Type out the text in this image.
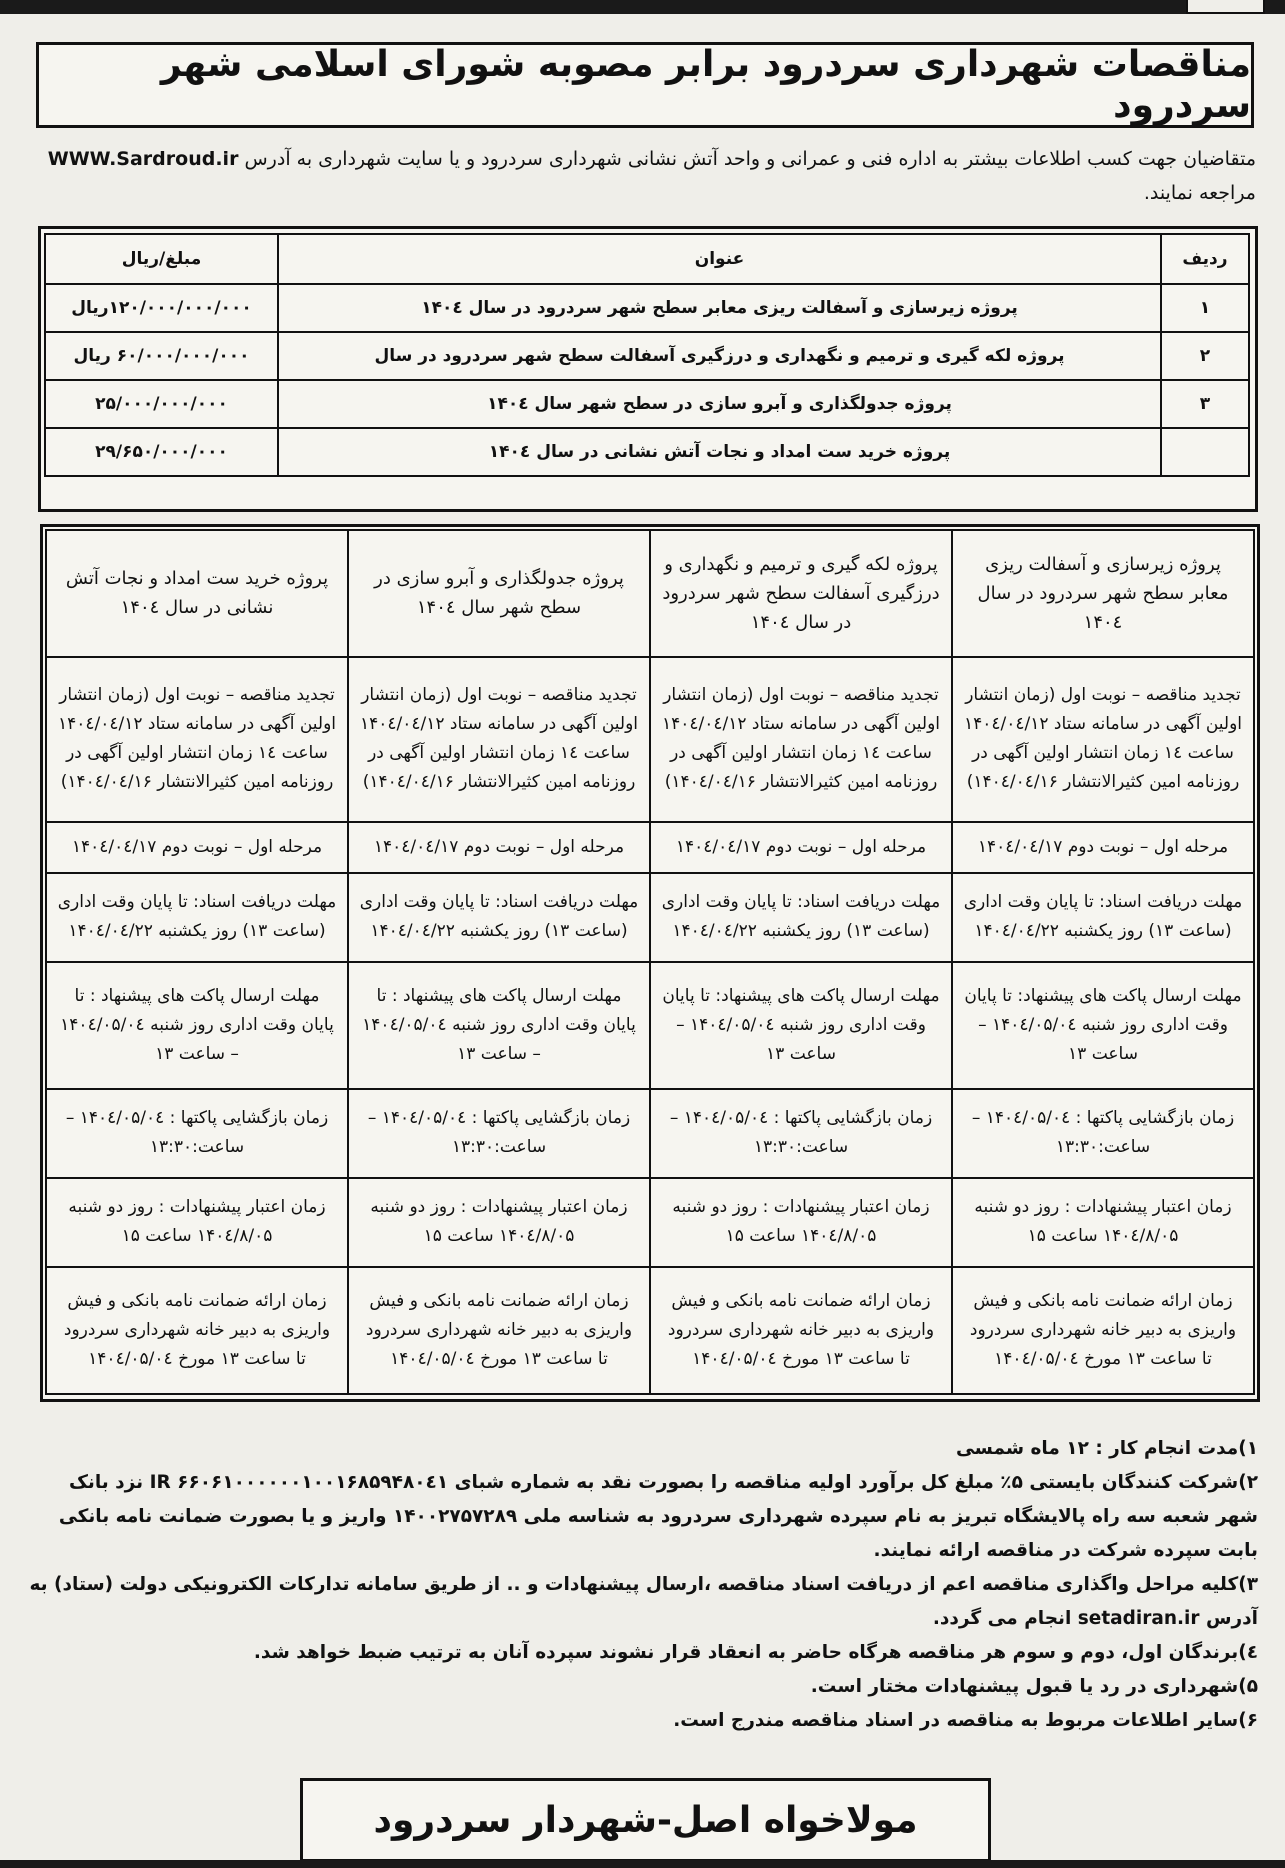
مناقصات شهرداری سردرود برابر مصوبه شورای اسلامی شهر سردرود
متقاضیان جهت کسب اطلاعات بیشتر به اداره فنی و عمرانی و واحد آتش نشانی شهرداری سردرود و یا سایت شهرداری به آدرس WWW.Sardroud.ir مراجعه نمایند.
ردیف	عنوان	مبلغ/ریال
۱	پروژه زیرسازی و آسفالت ریزی معابر سطح شهر سردرود در سال ۱۴۰٤	۱۲۰/۰۰۰/۰۰۰/۰۰۰ریال
۲	پروژه لکه گیری و ترمیم و نگهداری و درزگیری آسفالت سطح شهر سردرود در سال	۶۰/۰۰۰/۰۰۰/۰۰۰ ریال
۳	پروژه جدولگذاری و آبرو سازی در سطح شهر سال ۱۴۰٤	۲۵/۰۰۰/۰۰۰/۰۰۰
	پروژه خرید ست امداد و نجات آتش نشانی در سال ۱۴۰٤	۲۹/۶۵۰/۰۰۰/۰۰۰
پروژه زیرسازی و آسفالت ریزی معابر سطح شهر سردرود در سال ۱۴۰٤	پروژه لکه گیری و ترمیم و نگهداری و درزگیری آسفالت سطح شهر سردرود در سال ۱۴۰٤	پروژه جدولگذاری و آبرو سازی در سطح شهر سال ۱۴۰٤	پروژه خرید ست امداد و نجات آتش نشانی در سال ۱۴۰٤
تجدید مناقصه – نوبت اول (زمان انتشار اولین آگهی در سامانه ستاد ۱۴۰٤/۰٤/۱۲ ساعت ۱٤ زمان انتشار اولین آگهی در روزنامه امین کثیرالانتشار ۱۴۰٤/۰٤/۱۶)	تجدید مناقصه – نوبت اول (زمان انتشار اولین آگهی در سامانه ستاد ۱۴۰٤/۰٤/۱۲ ساعت ۱٤ زمان انتشار اولین آگهی در روزنامه امین کثیرالانتشار ۱۴۰٤/۰٤/۱۶)	تجدید مناقصه – نوبت اول (زمان انتشار اولین آگهی در سامانه ستاد ۱۴۰٤/۰٤/۱۲ ساعت ۱٤ زمان انتشار اولین آگهی در روزنامه امین کثیرالانتشار ۱۴۰٤/۰٤/۱۶)	تجدید مناقصه – نوبت اول (زمان انتشار اولین آگهی در سامانه ستاد ۱۴۰٤/۰٤/۱۲ ساعت ۱٤ زمان انتشار اولین آگهی در روزنامه امین کثیرالانتشار ۱۴۰٤/۰٤/۱۶)
مرحله اول – نوبت دوم ۱۴۰٤/۰٤/۱۷	مرحله اول – نوبت دوم ۱۴۰٤/۰٤/۱۷	مرحله اول – نوبت دوم ۱۴۰٤/۰٤/۱۷	مرحله اول – نوبت دوم ۱۴۰٤/۰٤/۱۷
مهلت دریافت اسناد: تا پایان وقت اداری (ساعت ۱۳) روز یکشنبه ۱۴۰٤/۰٤/۲۲	مهلت دریافت اسناد: تا پایان وقت اداری (ساعت ۱۳) روز یکشنبه ۱۴۰٤/۰٤/۲۲	مهلت دریافت اسناد: تا پایان وقت اداری (ساعت ۱۳) روز یکشنبه ۱۴۰٤/۰٤/۲۲	مهلت دریافت اسناد: تا پایان وقت اداری (ساعت ۱۳) روز یکشنبه ۱۴۰٤/۰٤/۲۲
مهلت ارسال پاکت های پیشنهاد: تا پایان وقت اداری روز شنبه ۱۴۰٤/۰۵/۰٤ – ساعت ۱۳	مهلت ارسال پاکت های پیشنهاد: تا پایان وقت اداری روز شنبه ۱۴۰٤/۰۵/۰٤ – ساعت ۱۳	مهلت ارسال پاکت های پیشنهاد : تا پایان وقت اداری روز شنبه ۱۴۰٤/۰۵/۰٤ – ساعت ۱۳	مهلت ارسال پاکت های پیشنهاد : تا پایان وقت اداری روز شنبه ۱۴۰٤/۰۵/۰٤ – ساعت ۱۳
زمان بازگشایی پاکتها : ۱۴۰٤/۰۵/۰٤ – ساعت:۱۳:۳۰	زمان بازگشایی پاکتها : ۱۴۰٤/۰۵/۰٤ – ساعت:۱۳:۳۰	زمان بازگشایی پاکتها : ۱۴۰٤/۰۵/۰٤ – ساعت:۱۳:۳۰	زمان بازگشایی پاکتها : ۱۴۰٤/۰۵/۰٤ – ساعت:۱۳:۳۰
زمان اعتبار پیشنهادات : روز دو شنبه ۱۴۰٤/۸/۰۵ ساعت ۱۵	زمان اعتبار پیشنهادات : روز دو شنبه ۱۴۰٤/۸/۰۵ ساعت ۱۵	زمان اعتبار پیشنهادات : روز دو شنبه ۱۴۰٤/۸/۰۵ ساعت ۱۵	زمان اعتبار پیشنهادات : روز دو شنبه ۱۴۰٤/۸/۰۵ ساعت ۱۵
زمان ارائه ضمانت نامه بانکی و فیش واریزی به دبیر خانه شهرداری سردرود تا ساعت ۱۳ مورخ ۱۴۰٤/۰۵/۰٤	زمان ارائه ضمانت نامه بانکی و فیش واریزی به دبیر خانه شهرداری سردرود تا ساعت ۱۳ مورخ ۱۴۰٤/۰۵/۰٤	زمان ارائه ضمانت نامه بانکی و فیش واریزی به دبیر خانه شهرداری سردرود تا ساعت ۱۳ مورخ ۱۴۰٤/۰۵/۰٤	زمان ارائه ضمانت نامه بانکی و فیش واریزی به دبیر خانه شهرداری سردرود تا ساعت ۱۳ مورخ ۱۴۰٤/۰۵/۰٤

۱)مدت انجام کار : ۱۲ ماه شمسی

۲)شرکت کنندگان بایستی ۵٪ مبلغ کل برآورد اولیه مناقصه را بصورت نقد به شماره شبای IR ۶۶۰۶۱۰۰۰۰۰۰۱۰۰۱۶۸۵۹۴۸۰٤۱ نزد بانک شهر شعبه سه راه پالایشگاه تبریز به نام سپرده شهرداری سردرود به شناسه ملی ۱۴۰۰۲۷۵۷۲۸۹ واریز و یا بصورت ضمانت نامه بانکی بابت سپرده شرکت در مناقصه ارائه نمایند.

۳)کلیه مراحل واگذاری مناقصه اعم از دریافت اسناد مناقصه ،ارسال پیشنهادات و .. از طریق سامانه تدارکات الکترونیکی دولت (ستاد) به آدرس setadiran.ir انجام می گردد.

٤)برندگان اول، دوم و سوم هر مناقصه هرگاه حاضر به انعقاد قرار نشوند سپرده آنان به ترتیب ضبط خواهد شد.

۵)شهرداری در رد یا قبول پیشنهادات مختار است.

۶)سایر اطلاعات مربوط به مناقصه در اسناد مناقصه مندرج است.

مولاخواه اصل-شهردار سردرود
